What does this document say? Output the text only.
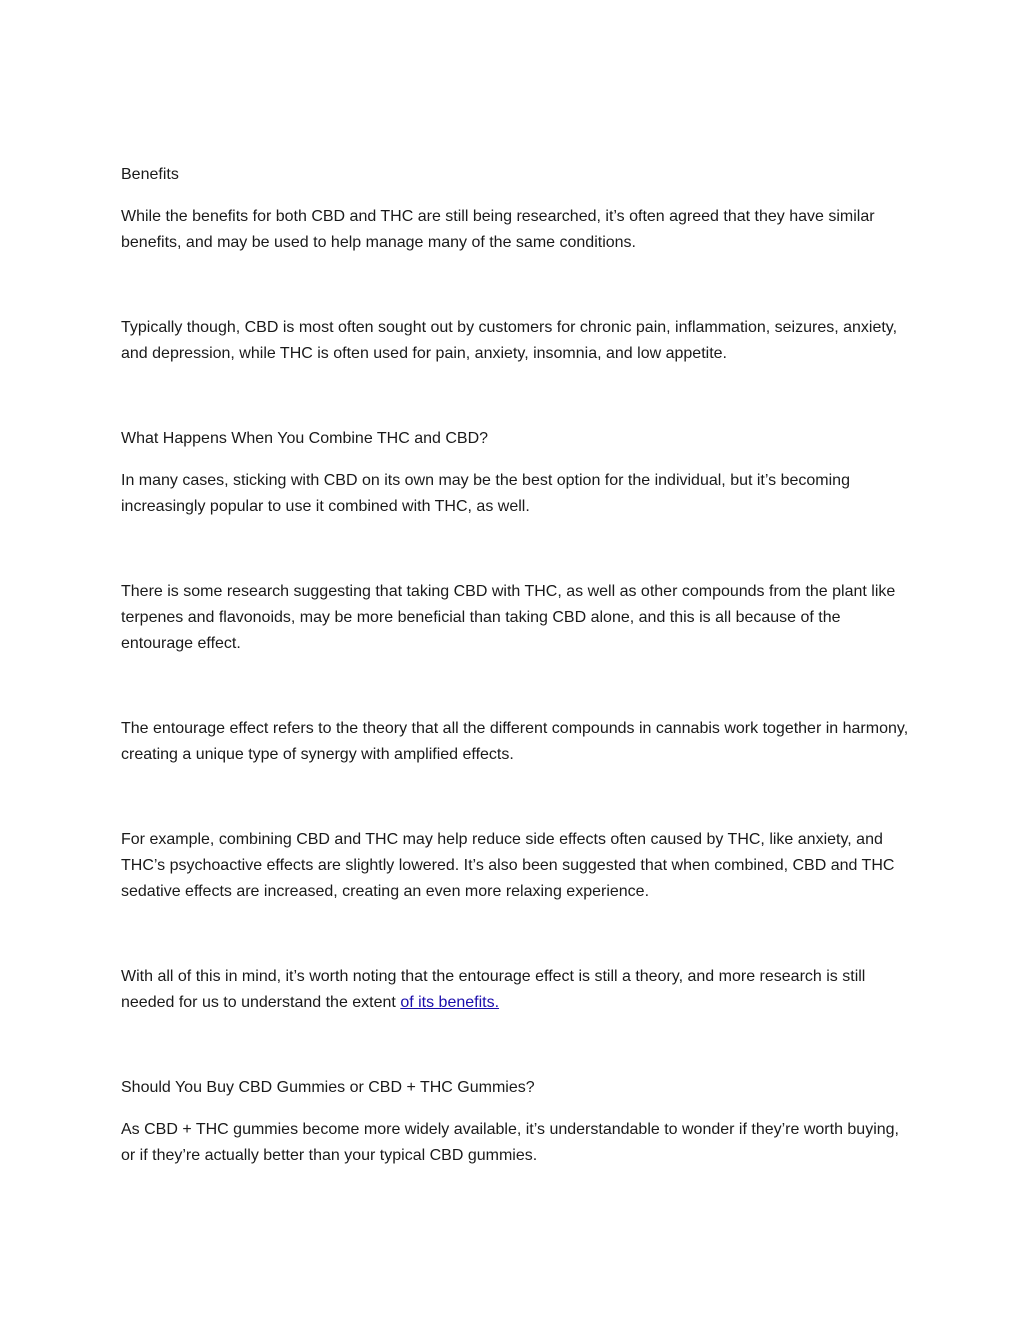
Benefits

While the benefits for both CBD and THC are still being researched, it’s often agreed that they have similar benefits, and may be used to help manage many of the same conditions.

Typically though, CBD is most often sought out by customers for chronic pain, inflammation, seizures, anxiety, and depression, while THC is often used for pain, anxiety, insomnia, and low appetite.

What Happens When You Combine THC and CBD?

In many cases, sticking with CBD on its own may be the best option for the individual, but it’s becoming increasingly popular to use it combined with THC, as well.

There is some research suggesting that taking CBD with THC, as well as other compounds from the plant like terpenes and flavonoids, may be more beneficial than taking CBD alone, and this is all because of the entourage effect.

The entourage effect refers to the theory that all the different compounds in cannabis work together in harmony, creating a unique type of synergy with amplified effects.

For example, combining CBD and THC may help reduce side effects often caused by THC, like anxiety, and THC’s psychoactive effects are slightly lowered. It’s also been suggested that when combined, CBD and THC sedative effects are increased, creating an even more relaxing experience.

With all of this in mind, it’s worth noting that the entourage effect is still a theory, and more research is still needed for us to understand the extent of its benefits.

Should You Buy CBD Gummies or CBD + THC Gummies?

As CBD + THC gummies become more widely available, it’s understandable to wonder if they’re worth buying, or if they’re actually better than your typical CBD gummies.
